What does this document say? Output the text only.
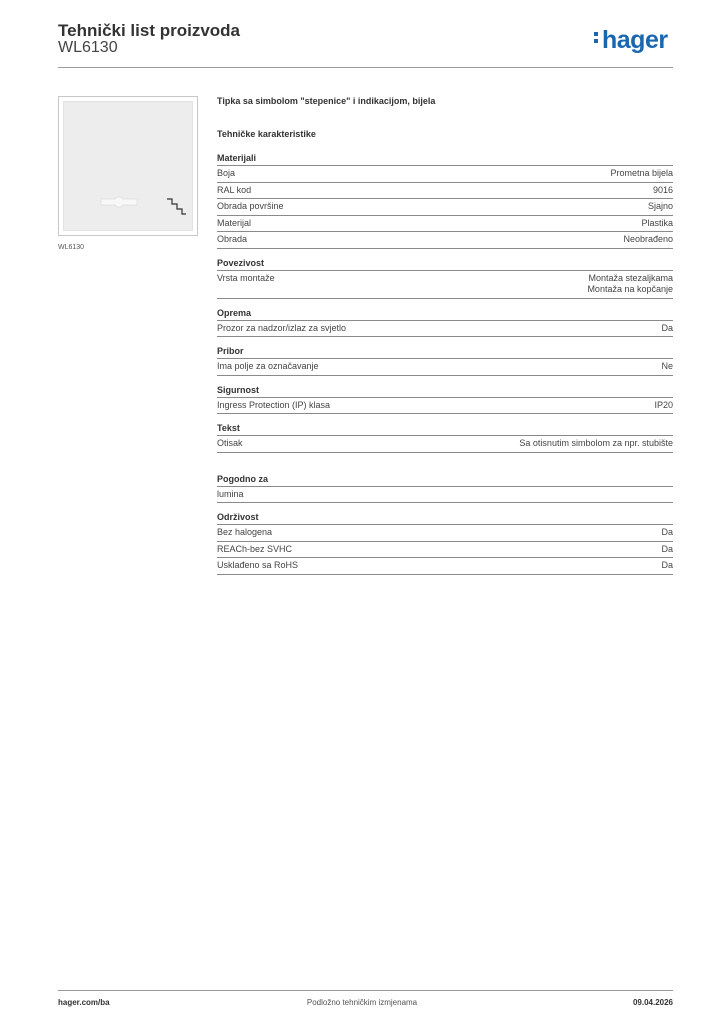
Tehnički list proizvoda
WL6130	hager
WL6130
Tipka sa simbolom "stepenice" i indikacijom, bijela
Tehničke karakteristike
Materijali
Boja	Prometna bijela
RAL kod	9016
Obrada površine	Sjajno
Materijal	Plastika
Obrada	Neobrađeno
Povezivost
Vrsta montaže	Montaža stezaljkama
Montaža na kopčanje
Oprema
Prozor za nadzor/izlaz za svjetlo	Da
Pribor
Ima polje za označavanje	Ne
Sigurnost
Ingress Protection (IP) klasa	IP20
Tekst
Otisak	Sa otisnutim simbolom za npr. stubište
Pogodno za
lumina
Održivost
Bez halogena	Da
REACh-bez SVHC	Da
Usklađeno sa RoHS	Da
hager.com/ba	Podložno tehničkim izmjenama	09.04.2026
